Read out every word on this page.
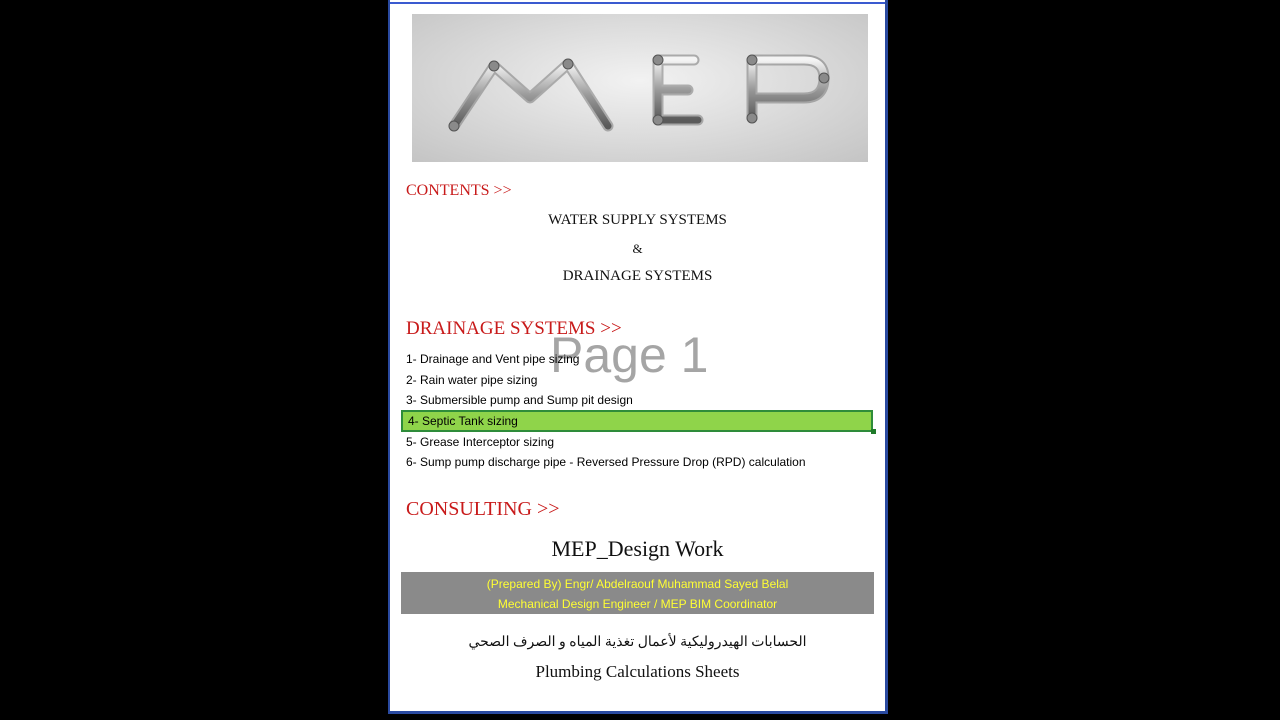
CONTENTS >>
WATER SUPPLY SYSTEMS
&
DRAINAGE SYSTEMS
DRAINAGE SYSTEMS >>
Page 1
1- Drainage and Vent pipe sizing
2- Rain water pipe sizing
3- Submersible pump and Sump pit design
4- Septic Tank sizing
5- Grease Interceptor sizing
6- Sump pump discharge pipe - Reversed Pressure Drop (RPD) calculation
CONSULTING >>
MEP_Design Work
(Prepared By) Engr/ Abdelraouf Muhammad Sayed Belal
Mechanical Design Engineer / MEP BIM Coordinator
الحسابات الهيدروليكية لأعمال تغذية المياه و الصرف الصحي
Plumbing Calculations Sheets
